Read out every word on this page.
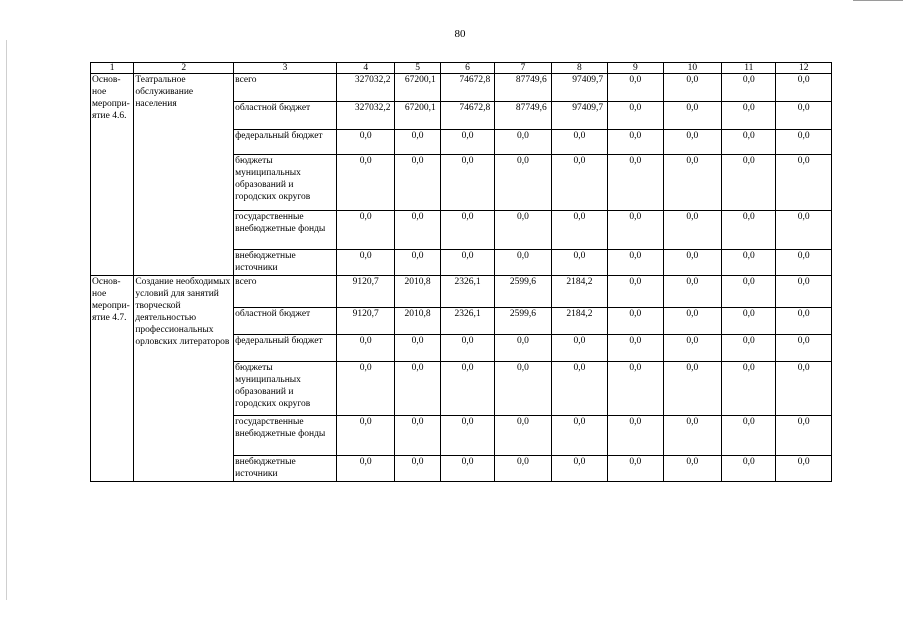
80
1	2	3	4	5	6	7	8	9	10	11	12
Основ-ное меропри-ятие 4.6.	Театральное обслуживание населения	всего	327032,2	67200,1	74672,8	87749,6	97409,7	0,0	0,0	0,0	0,0
		областной бюджет	327032,2	67200,1	74672,8	87749,6	97409,7	0,0	0,0	0,0	0,0
		федеральный бюджет	0,0	0,0	0,0	0,0	0,0	0,0	0,0	0,0	0,0
		бюджеты муниципальных образований и городских округов	0,0	0,0	0,0	0,0	0,0	0,0	0,0	0,0	0,0
		государственные внебюджетные фонды	0,0	0,0	0,0	0,0	0,0	0,0	0,0	0,0	0,0
		внебюджетные источники	0,0	0,0	0,0	0,0	0,0	0,0	0,0	0,0	0,0
Основ-ное меропри-ятие 4.7.	Создание необходимых условий для занятий творческой деятельностью профессиональных орловских литераторов	всего	9120,7	2010,8	2326,1	2599,6	2184,2	0,0	0,0	0,0	0,0
		областной бюджет	9120,7	2010,8	2326,1	2599,6	2184,2	0,0	0,0	0,0	0,0
		федеральный бюджет	0,0	0,0	0,0	0,0	0,0	0,0	0,0	0,0	0,0
		бюджеты муниципальных образований и городских округов	0,0	0,0	0,0	0,0	0,0	0,0	0,0	0,0	0,0
		государственные внебюджетные фонды	0,0	0,0	0,0	0,0	0,0	0,0	0,0	0,0	0,0
		внебюджетные источники	0,0	0,0	0,0	0,0	0,0	0,0	0,0	0,0	0,0
